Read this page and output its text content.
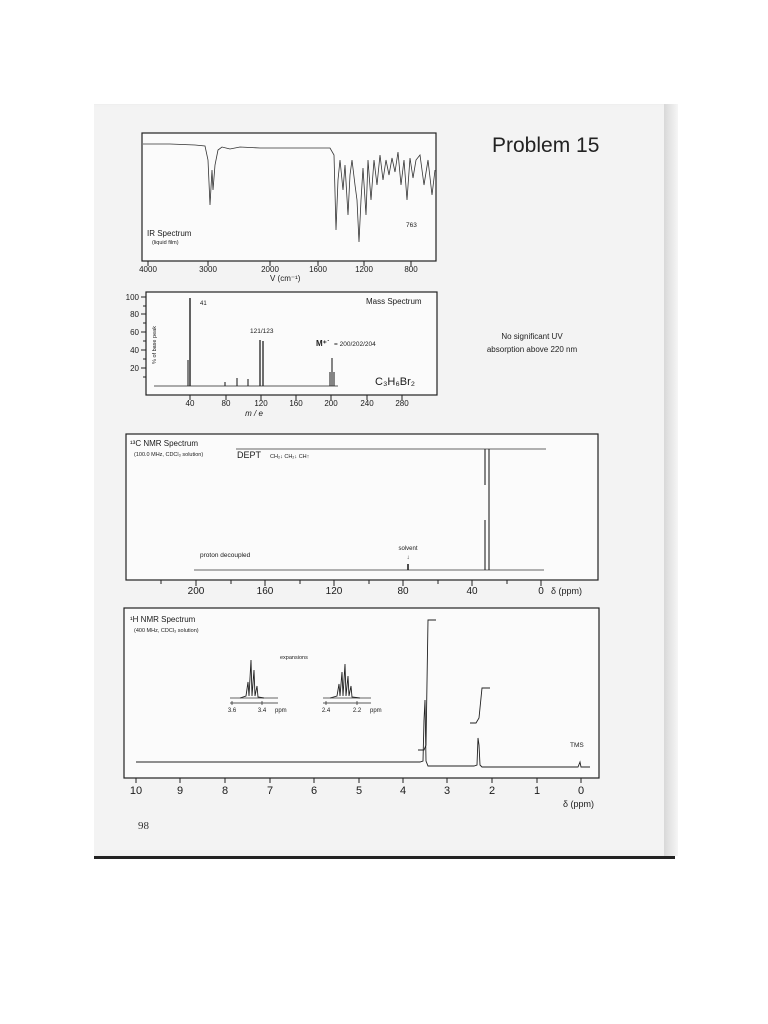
763
IR Spectrum
(liquid film)
4000	3000	2000	1600	1200	800
V (cm⁻¹)
100
80
60
40
20
% of base peak
41
121/123
Mass Spectrum
M⁺˙ = 200/202/204
C₃H₆Br₂
40	80	120	160	200	240	280
m / e
¹³C NMR Spectrum
(100.0 MHz, CDCl₃ solution)	DEPT CH₂↓ CH₂↓ CH↑
solvent
↓
proton decoupled
200	160	120	80	40	0 δ (ppm)
¹H NMR Spectrum
(400 MHz, CDCl₃ solution)
expansions
3.6	3.4 ppm	2.4	2.2 ppm
TMS
10	9	8	7	6	5	4	3	2	1	0
δ (ppm)
Problem 15
No significant UV
absorption above 220 nm
98
